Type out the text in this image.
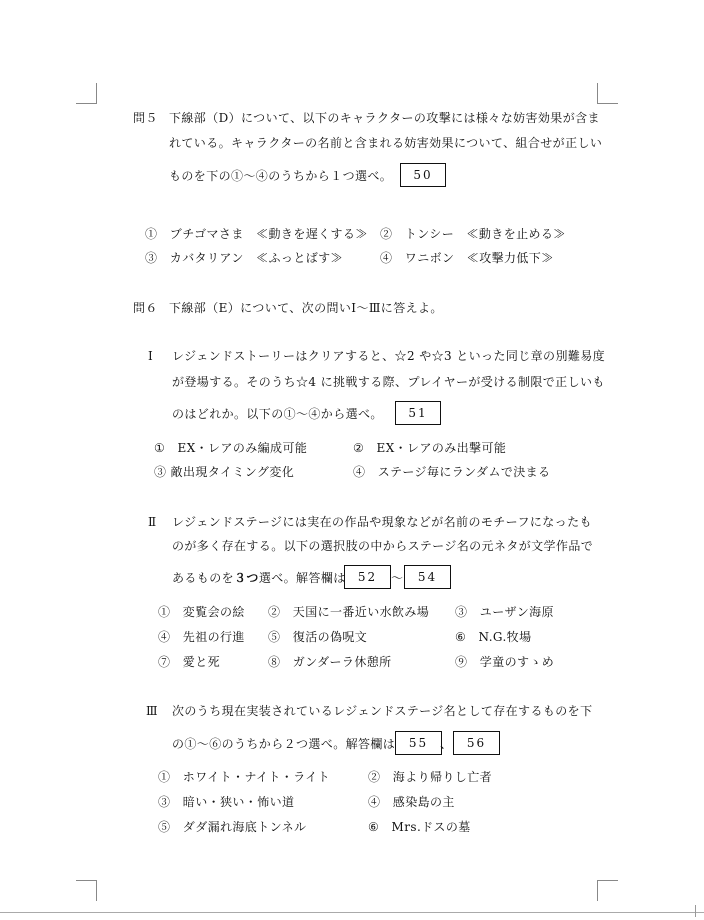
問５ 下線部（D）について、以下のキャラクターの攻撃には様々な妨害効果が含ま
れている。キャラクターの名前と含まれる妨害効果について、組合せが正しい
ものを下の①～④のうちから１つ選べ。	50
①　ブチゴマさま　≪動きを遅くする≫ ②　トンシー　≪動きを止める≫
③　カバタリアン　≪ふっとばす≫	④　ワニボン　≪攻撃力低下≫
問６ 下線部（E）について、次の問いⅠ～Ⅲに答えよ。
Ⅰ レジェンドストーリーはクリアすると、☆2 や☆3 といった同じ章の別難易度
が登場する。そのうち☆4 に挑戦する際、プレイヤーが受ける制限で正しいも
のはどれか。以下の①～④から選べ。	51
①　EX・レアのみ編成可能	②　EX・レアのみ出撃可能
③ 敵出現タイミング変化	④　ステージ毎にランダムで決まる
Ⅱ レジェンドステージには実在の作品や現象などが名前のモチーフになったも
のが多く存在する。以下の選択肢の中からステージ名の元ネタが文学作品で
あるものを３つ選べ。解答欄は	52	～	54
①　変覧会の絵 ②　天国に一番近い水飲み場 ③　ユーザン海原
④　先祖の行進 ⑤　復活の偽呪文	⑥　N.G.牧場
⑦　愛と死	⑧　ガンダーラ休憩所	⑨　学童のすゝめ
Ⅲ 次のうち現在実装されているレジェンドステージ名として存在するものを下
の①～⑥のうちから２つ選べ。解答欄は	55 、	56
①　ホワイト・ナイト・ライト	②　海より帰りし亡者
③　暗い・狭い・怖い道	④　感染島の主
⑤　ダダ漏れ海底トンネル	⑥　Mrs.ドスの墓
